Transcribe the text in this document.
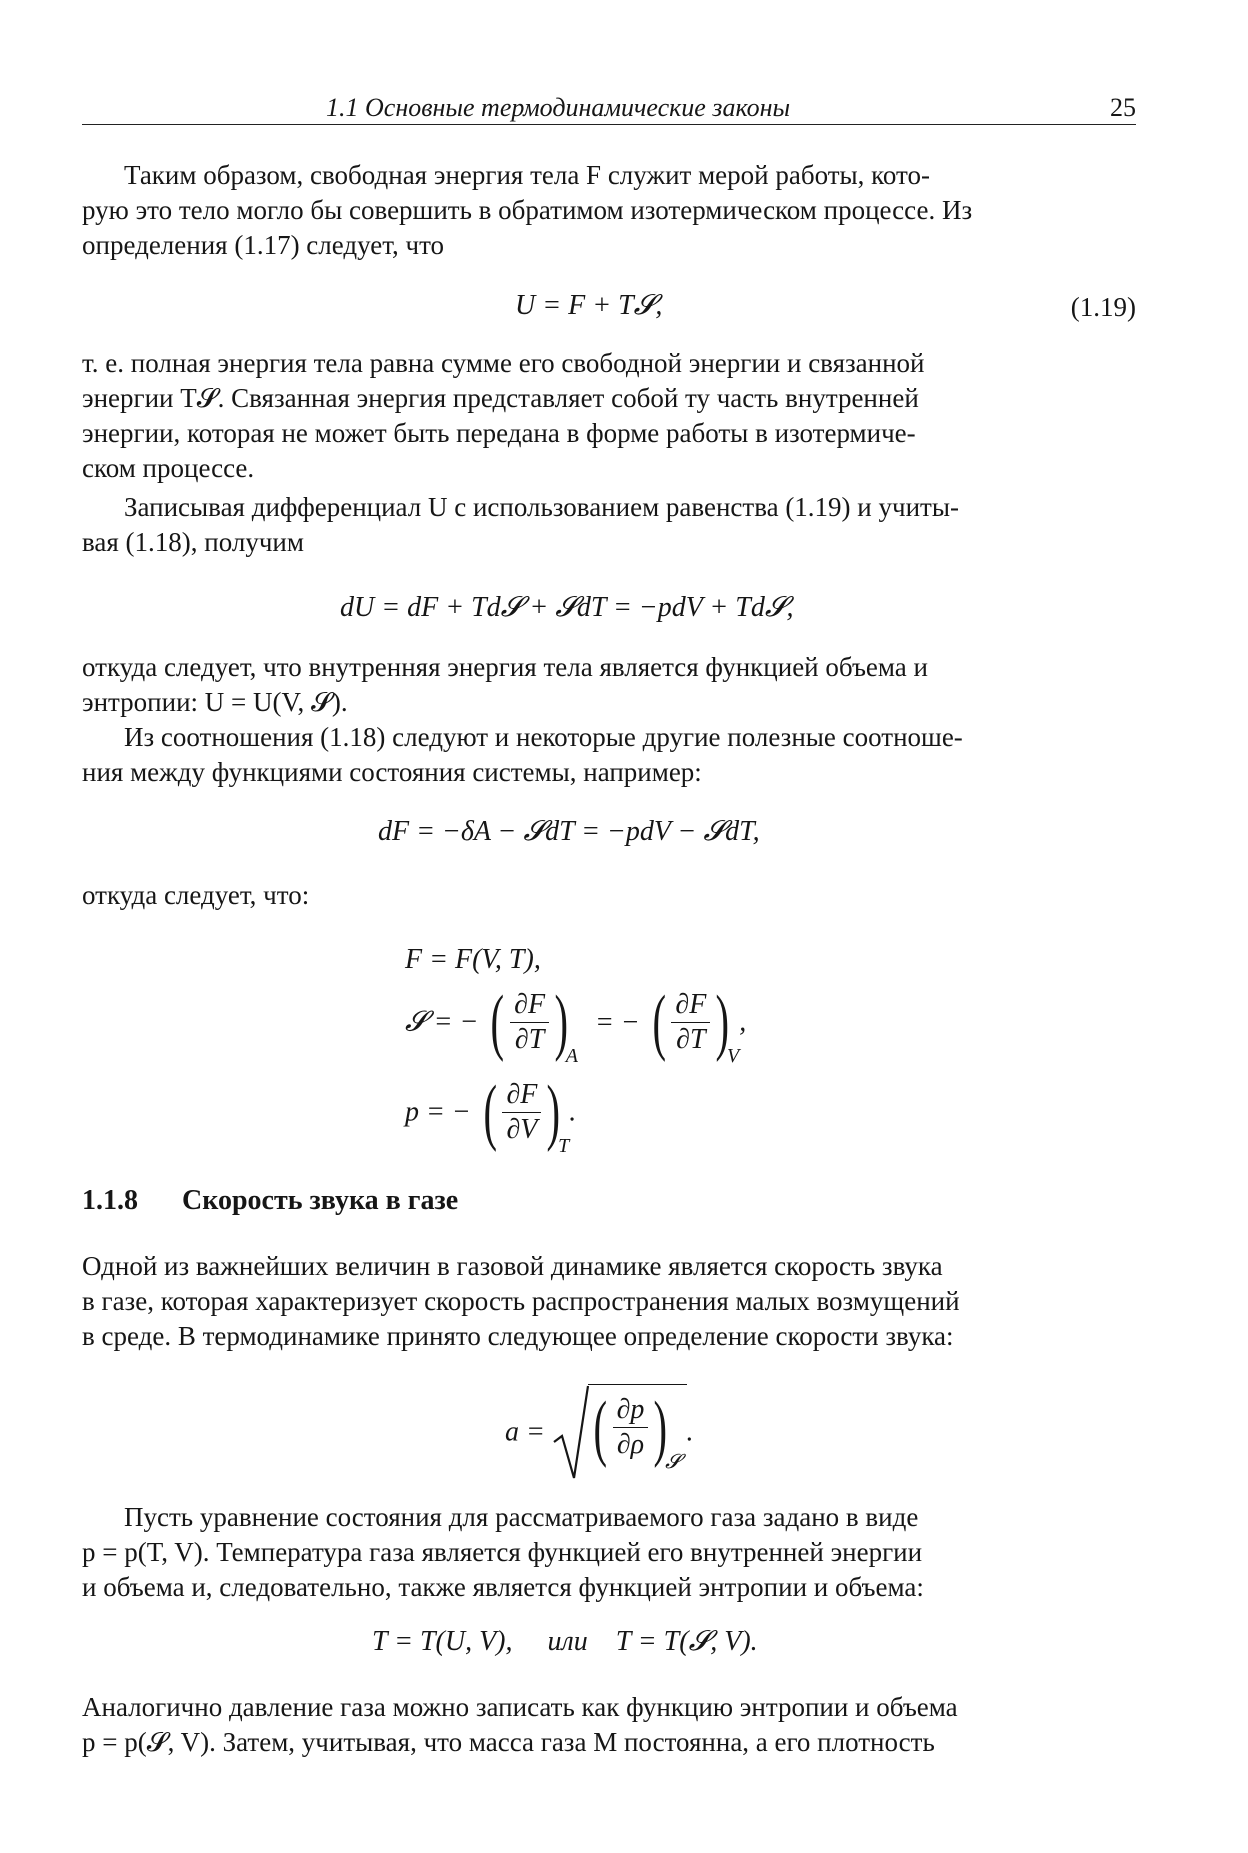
1.1 Основные термодинамические законы	25
Таким образом, свободная энергия тела F служит мерой работы, кото-
рую это тело могло бы совершить в обратимом изотермическом процессе. Из
определения (1.17) следует, что
U = F + T𝓢,	(1.19)
т. е. полная энергия тела равна сумме его свободной энергии и связанной
энергии T𝓢. Связанная энергия представляет собой ту часть внутренней
энергии, которая не может быть передана в форме работы в изотермиче-
ском процессе.
Записывая дифференциал U с использованием равенства (1.19) и учиты-
вая (1.18), получим
dU = dF + Td𝓢 + 𝓢dT = −pdV + Td𝓢,
откуда следует, что внутренняя энергия тела является функцией объема и
энтропии: U = U(V, 𝓢).
Из соотношения (1.18) следуют и некоторые другие полезные соотноше-
ния между функциями состояния системы, например:
dF = −δA − 𝓢dT = −pdV − 𝓢dT,
откуда следует, что:
F = F(V, T),
𝓢 = − ( $\frac{\partial F}{\partial T} )A$ = − ( $\frac{\partial F}{\partial T} )V$,
p = − ( $\frac{\partial F}{\partial V} )T$.
1.1.8 Скорость звука в газе
Одной из важнейших величин в газовой динамике является скорость звука
в газе, которая характеризует скорость распространения малых возмущений
в среде. В термодинамике принято следующее определение скорости звука:
a = ( $\frac{\partial p}{\partial\rho}$ )𝓢.
Пусть уравнение состояния для рассматриваемого газа задано в виде
p = p(T, V). Температура газа является функцией его внутренней энергии
и объема и, следовательно, также является функцией энтропии и объема:
T = T(U, V),     или    T = T(𝓢, V).
Аналогично давление газа можно записать как функцию энтропии и объема
p = p(𝓢, V). Затем, учитывая, что масса газа M постоянна, а его плотность
